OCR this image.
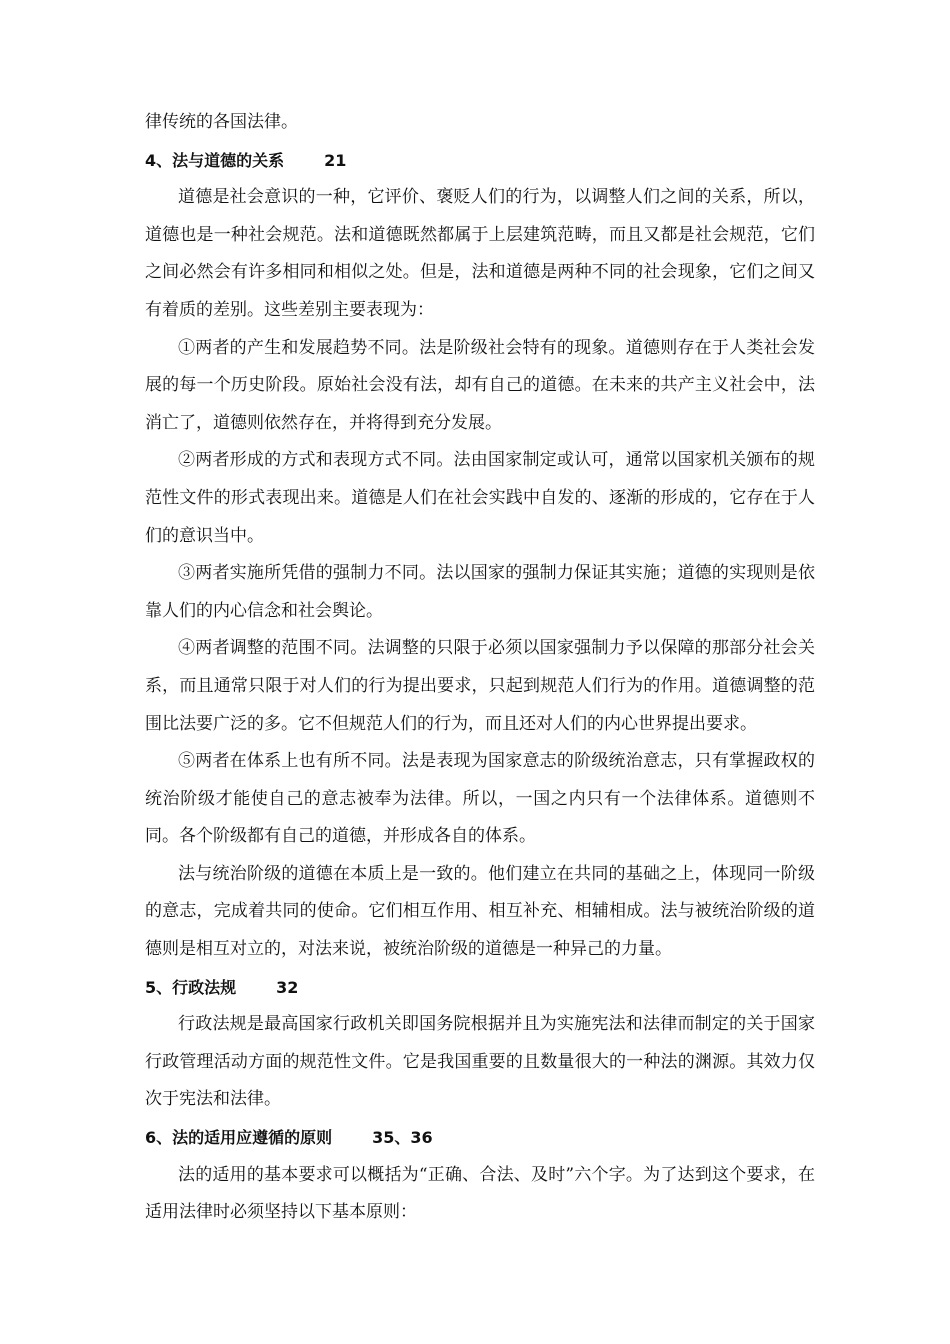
律传统的各国法律。

4、法与道德的关系	21

道德是社会意识的一种，它评价、褒贬人们的行为，以调整人们之间的关系，所以，道德也是一种社会规范。法和道德既然都属于上层建筑范畴，而且又都是社会规范，它们之间必然会有许多相同和相似之处。但是，法和道德是两种不同的社会现象，它们之间又有着质的差别。这些差别主要表现为：

①两者的产生和发展趋势不同。法是阶级社会特有的现象。道德则存在于人类社会发展的每一个历史阶段。原始社会没有法，却有自己的道德。在未来的共产主义社会中，法消亡了，道德则依然存在，并将得到充分发展。

②两者形成的方式和表现方式不同。法由国家制定或认可，通常以国家机关颁布的规范性文件的形式表现出来。道德是人们在社会实践中自发的、逐渐的形成的，它存在于人们的意识当中。

③两者实施所凭借的强制力不同。法以国家的强制力保证其实施；道德的实现则是依靠人们的内心信念和社会舆论。

④两者调整的范围不同。法调整的只限于必须以国家强制力予以保障的那部分社会关系，而且通常只限于对人们的行为提出要求，只起到规范人们行为的作用。道德调整的范围比法要广泛的多。它不但规范人们的行为，而且还对人们的内心世界提出要求。

⑤两者在体系上也有所不同。法是表现为国家意志的阶级统治意志，只有掌握政权的统治阶级才能使自己的意志被奉为法律。所以，一国之内只有一个法律体系。道德则不同。各个阶级都有自己的道德，并形成各自的体系。

法与统治阶级的道德在本质上是一致的。他们建立在共同的基础之上，体现同一阶级的意志，完成着共同的使命。它们相互作用、相互补充、相辅相成。法与被统治阶级的道德则是相互对立的，对法来说，被统治阶级的道德是一种异己的力量。

5、行政法规	32

行政法规是最高国家行政机关即国务院根据并且为实施宪法和法律而制定的关于国家行政管理活动方面的规范性文件。它是我国重要的且数量很大的一种法的渊源。其效力仅次于宪法和法律。

6、法的适用应遵循的原则	35、36

法的适用的基本要求可以概括为“正确、合法、及时”六个字。为了达到这个要求，在适用法律时必须坚持以下基本原则：
